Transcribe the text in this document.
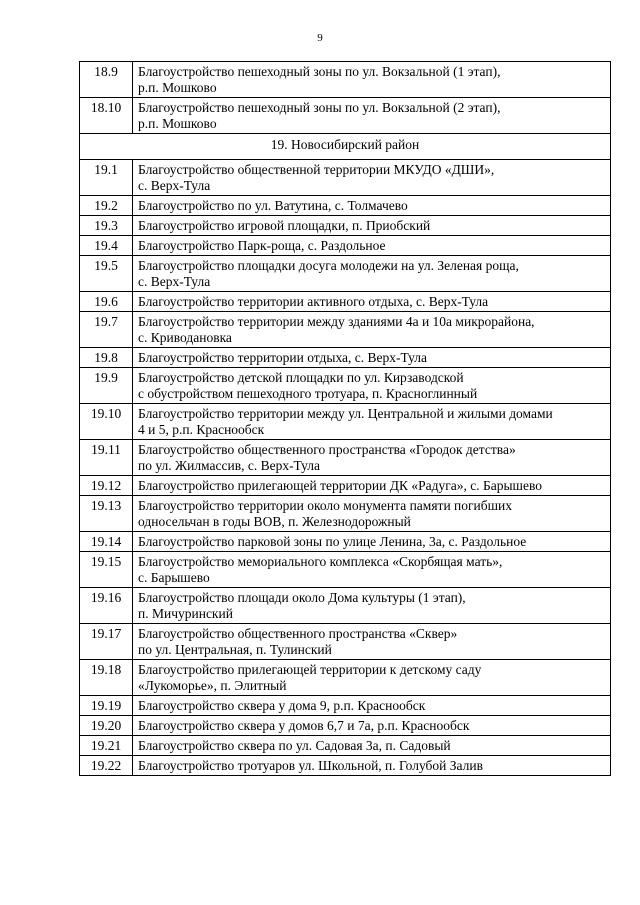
9
18.9	Благоустройство пешеходный зоны по ул. Вокзальной (1 этап),
р.п. Мошково

18.10	Благоустройство пешеходный зоны по ул. Вокзальной (2 этап),
р.п. Мошково

19. Новосибирский район	
19.1	Благоустройство общественной территории МКУДО «ДШИ»,
с. Верх-Тула

19.2	Благоустройство по ул. Ватутина, с. Толмачево

19.3	Благоустройство игровой площадки, п. Приобский

19.4	Благоустройство Парк-роща, с. Раздольное

19.5	Благоустройство площадки досуга молодежи на ул. Зеленая роща,
с. Верх-Тула

19.6	Благоустройство территории активного отдыха, с. Верх-Тула

19.7	Благоустройство территории между зданиями 4а и 10а микрорайона,
с. Криводановка

19.8	Благоустройство территории отдыха, с. Верх-Тула

19.9	Благоустройство детской площадки по ул. Кирзаводской
с обустройством пешеходного тротуара, п. Красноглинный

19.10	Благоустройство территории между ул. Центральной и жилыми домами
4 и 5, р.п. Краснообск

19.11	Благоустройство общественного пространства «Городок детства»
по ул. Жилмассив, с. Верх-Тула

19.12	Благоустройство прилегающей территории ДК «Радуга», с. Барышево

19.13	Благоустройство территории около монумента памяти погибших
односельчан в годы ВОВ, п. Железнодорожный

19.14	Благоустройство парковой зоны по улице Ленина, 3а, с. Раздольное

19.15	Благоустройство мемориального комплекса «Скорбящая мать»,
с. Барышево

19.16	Благоустройство площади около Дома культуры (1 этап),
п. Мичуринский

19.17	Благоустройство общественного пространства «Сквер»
по ул. Центральная, п. Тулинский

19.18	Благоустройство прилегающей территории к детскому саду
«Лукоморье», п. Элитный

19.19	Благоустройство сквера у дома 9, р.п. Краснообск

19.20	Благоустройство сквера у домов 6,7 и 7а, р.п. Краснообск

19.21	Благоустройство сквера по ул. Садовая 3а, п. Садовый

19.22	Благоустройство тротуаров ул. Школьной, п. Голубой Залив
